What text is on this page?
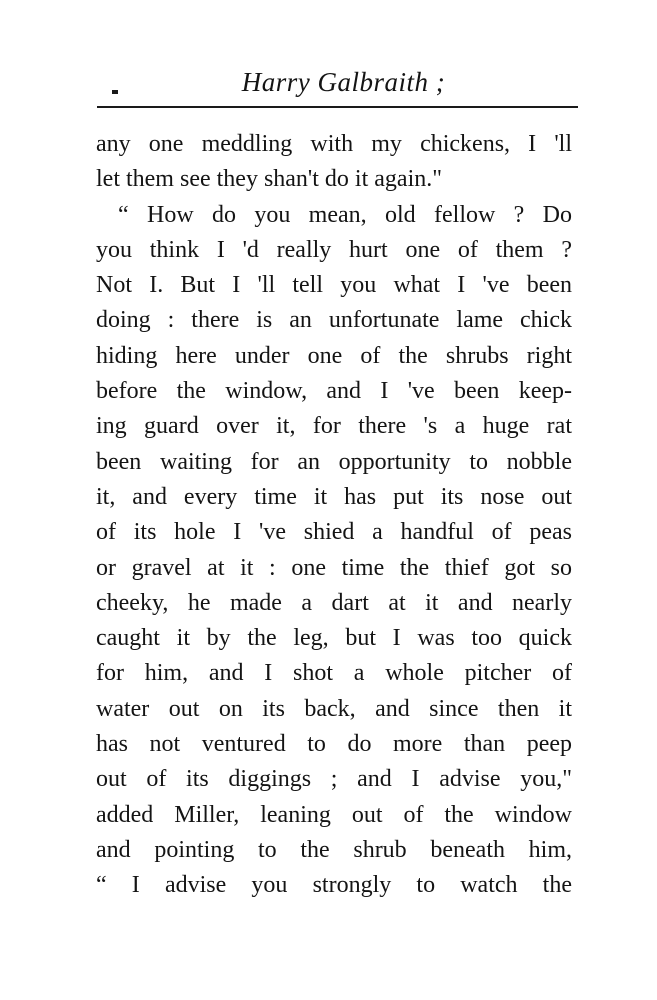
Harry Galbraith ;
any one meddling with my chickens, I 'll
let them see they shan't do it again."
“ How do you mean, old fellow ? Do
you think I 'd really hurt one of them ?
Not I. But I 'll tell you what I 've been
doing : there is an unfortunate lame chick
hiding here under one of the shrubs right
before the window, and I 've been keep-
ing guard over it, for there 's a huge rat
been waiting for an opportunity to nobble
it, and every time it has put its nose out
of its hole I 've shied a handful of peas
or gravel at it : one time the thief got so
cheeky, he made a dart at it and nearly
caught it by the leg, but I was too quick
for him, and I shot a whole pitcher of
water out on its back, and since then it
has not ventured to do more than peep
out of its diggings ; and I advise you,"
added Miller, leaning out of the window
and pointing to the shrub beneath him,
“ I advise you strongly to watch the
